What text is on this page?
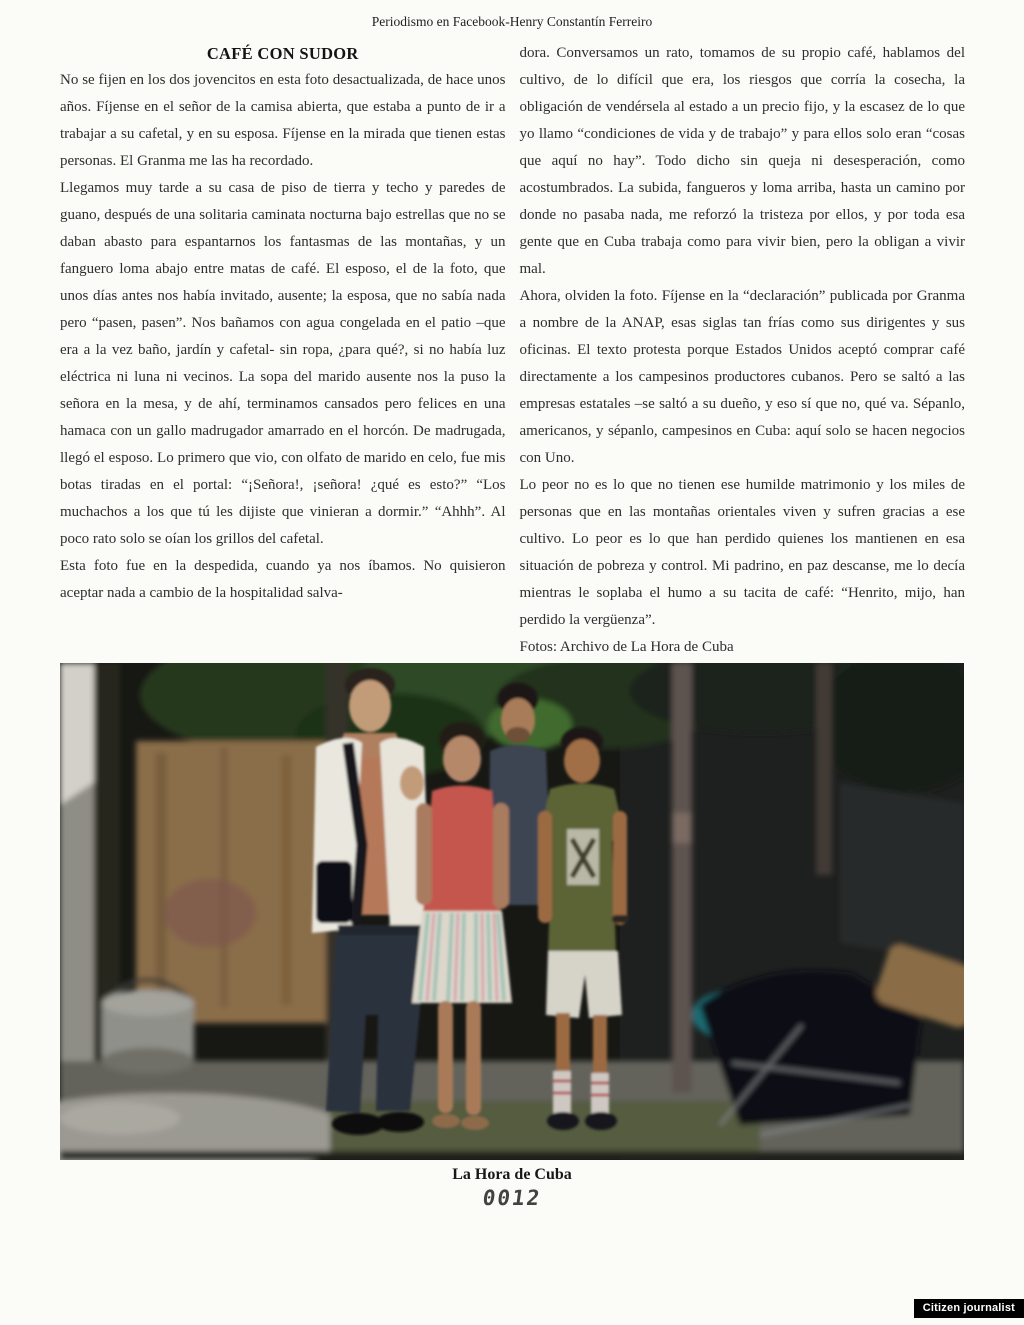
Periodismo en Facebook-Henry Constantín Ferreiro
CAFÉ CON SUDOR

No se fijen en los dos jovencitos en esta foto desactualizada, de hace unos años. Fíjense en el señor de la camisa abierta, que estaba a punto de ir a trabajar a su cafetal, y en su esposa. Fíjense en la mirada que tienen estas personas. El Granma me las ha recordado.

Llegamos muy tarde a su casa de piso de tierra y techo y paredes de guano, después de una solitaria caminata nocturna bajo estrellas que no se daban abasto para espantarnos los fantasmas de las montañas, y un fanguero loma abajo entre matas de café. El esposo, el de la foto, que unos días antes nos había invitado, ausente; la esposa, que no sabía nada pero “pasen, pasen”. Nos bañamos con agua congelada en el patio –que era a la vez baño, jardín y cafetal- sin ropa, ¿para qué?, si no había luz eléctrica ni luna ni vecinos. La sopa del marido ausente nos la puso la señora en la mesa, y de ahí, terminamos cansados pero felices en una hamaca con un gallo madrugador amarrado en el horcón. De madrugada, llegó el esposo. Lo primero que vio, con olfato de marido en celo, fue mis botas tiradas en el portal: “¡Señora!, ¡señora! ¿qué es esto?” “Los muchachos a los que tú les dijiste que vinieran a dormir.” “Ahhh”. Al poco rato solo se oían los grillos del cafetal.

Esta foto fue en la despedida, cuando ya nos íbamos. No quisieron aceptar nada a cambio de la hospitalidad salva-

dora. Conversamos un rato, tomamos de su propio café, hablamos del cultivo, de lo difícil que era, los riesgos que corría la cosecha, la obligación de vendérsela al estado a un precio fijo, y la escasez de lo que yo llamo “condiciones de vida y de trabajo” y para ellos solo eran “cosas que aquí no hay”. Todo dicho sin queja ni desesperación, como acostumbrados. La subida, fangueros y loma arriba, hasta un camino por donde no pasaba nada, me reforzó la tristeza por ellos, y por toda esa gente que en Cuba trabaja como para vivir bien, pero la obligan a vivir mal.

Ahora, olviden la foto. Fíjense en la “declaración” publicada por Granma a nombre de la ANAP, esas siglas tan frías como sus dirigentes y sus oficinas. El texto protesta porque Estados Unidos aceptó comprar café directamente a los campesinos productores cubanos. Pero se saltó a las empresas estatales –se saltó a su dueño, y eso sí que no, qué va. Sépanlo, americanos, y sépanlo, campesinos en Cuba: aquí solo se hacen negocios con Uno.

Lo peor no es lo que no tienen ese humilde matrimonio y los miles de personas que en las montañas orientales viven y sufren gracias a ese cultivo. Lo peor es lo que han perdido quienes los mantienen en esa situación de pobreza y control. Mi padrino, en paz descanse, me lo decía mientras le soplaba el humo a su tacita de café: “Henrito, mijo, han perdido la vergüenza”.

Fotos: Archivo de La Hora de Cuba

La Hora de Cuba
0012
Citizen journalist
